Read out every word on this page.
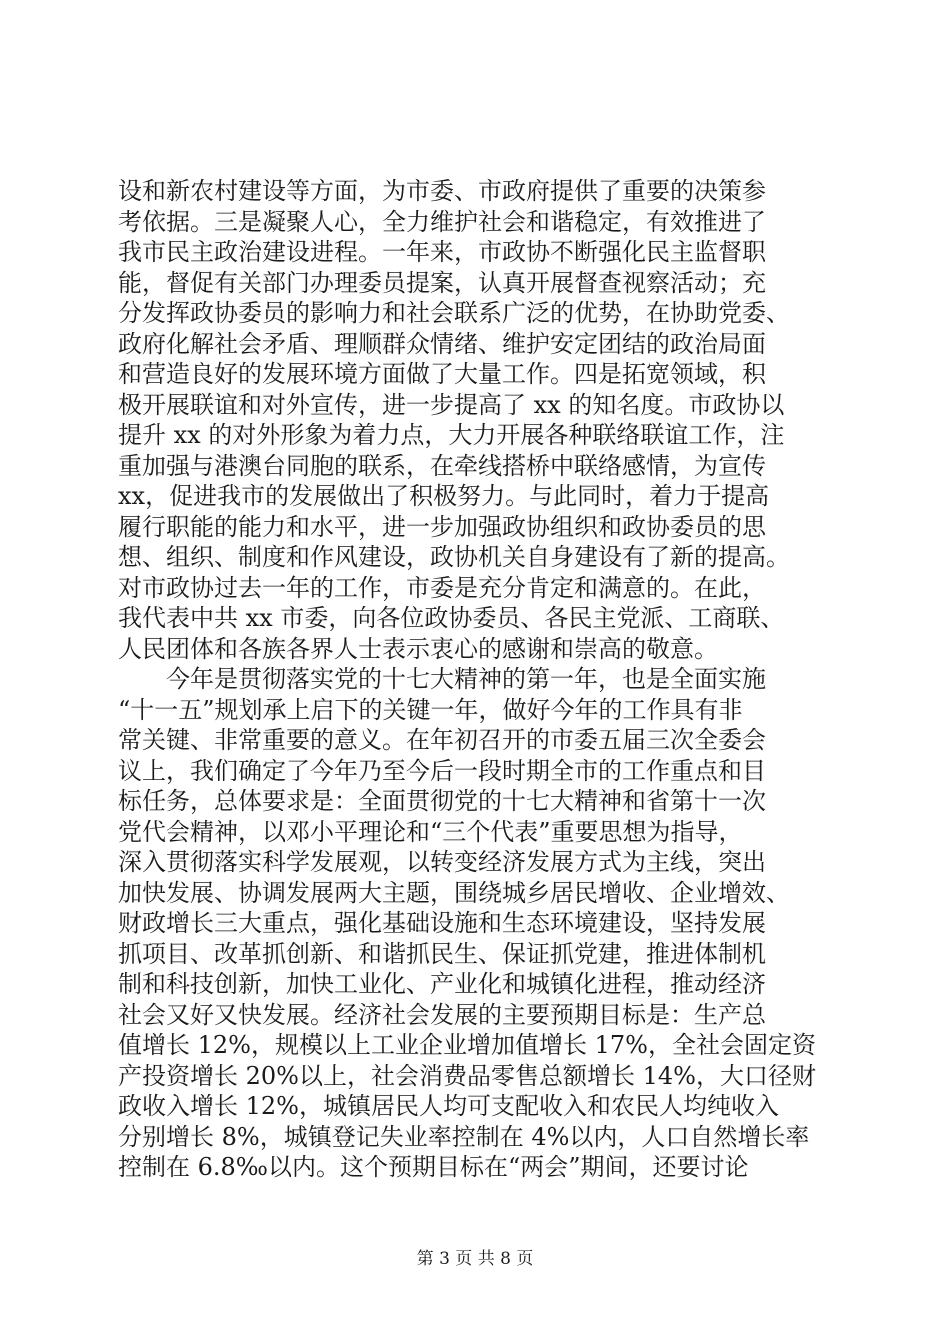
设和新农村建设等方面，为市委、市政府提供了重要的决策参
考依据。三是凝聚人心，全力维护社会和谐稳定，有效推进了
我市民主政治建设进程。一年来，市政协不断强化民主监督职
能，督促有关部门办理委员提案，认真开展督查视察活动；充
分发挥政协委员的影响力和社会联系广泛的优势，在协助党委、
政府化解社会矛盾、理顺群众情绪、维护安定团结的政治局面
和营造良好的发展环境方面做了大量工作。四是拓宽领域，积
极开展联谊和对外宣传，进一步提高了 xx 的知名度。市政协以
提升 xx 的对外形象为着力点，大力开展各种联络联谊工作，注
重加强与港澳台同胞的联系，在牵线搭桥中联络感情，为宣传
xx，促进我市的发展做出了积极努力。与此同时，着力于提高
履行职能的能力和水平，进一步加强政协组织和政协委员的思
想、组织、制度和作风建设，政协机关自身建设有了新的提高。
对市政协过去一年的工作，市委是充分肯定和满意的。在此，
我代表中共 xx 市委，向各位政协委员、各民主党派、工商联、
人民团体和各族各界人士表示衷心的感谢和崇高的敬意。
　　今年是贯彻落实党的十七大精神的第一年，也是全面实施
“十一五”规划承上启下的关键一年，做好今年的工作具有非
常关键、非常重要的意义。在年初召开的市委五届三次全委会
议上，我们确定了今年乃至今后一段时期全市的工作重点和目
标任务，总体要求是：全面贯彻党的十七大精神和省第十一次
党代会精神，以邓小平理论和“三个代表”重要思想为指导，
深入贯彻落实科学发展观，以转变经济发展方式为主线，突出
加快发展、协调发展两大主题，围绕城乡居民增收、企业增效、
财政增长三大重点，强化基础设施和生态环境建设，坚持发展
抓项目、改革抓创新、和谐抓民生、保证抓党建，推进体制机
制和科技创新，加快工业化、产业化和城镇化进程，推动经济
社会又好又快发展。经济社会发展的主要预期目标是：生产总
值增长 12%，规模以上工业企业增加值增长 17%，全社会固定资
产投资增长 20%以上，社会消费品零售总额增长 14%，大口径财
政收入增长 12%，城镇居民人均可支配收入和农民人均纯收入
分别增长 8%，城镇登记失业率控制在 4%以内，人口自然增长率
控制在 6.8‰以内。这个预期目标在“两会”期间，还要讨论
第 3 页 共 8 页
